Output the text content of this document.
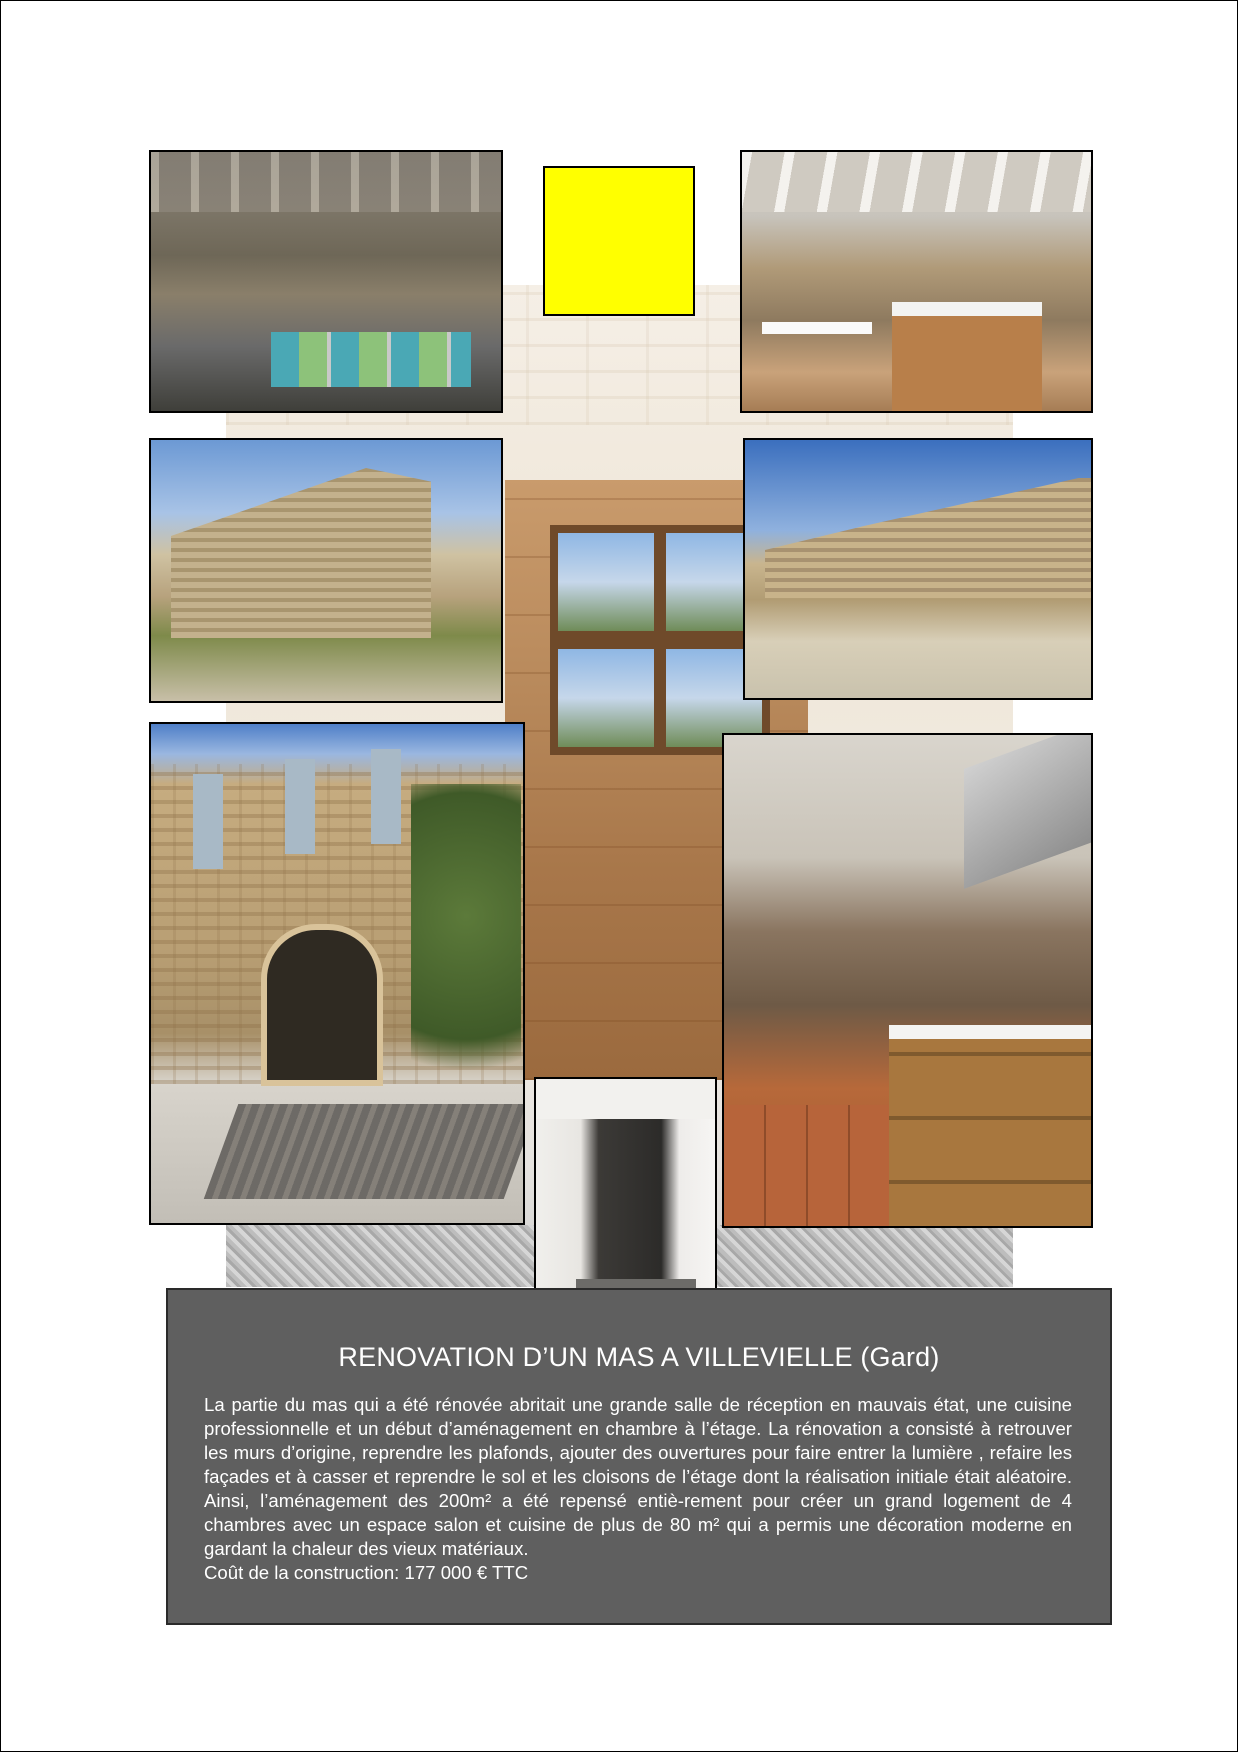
RENOVATION D’UN MAS A VILLEVIELLE (Gard)
La partie du mas qui a été rénovée abritait une grande salle de réception en mauvais état, une cuisine professionnelle et un début d’aménagement en chambre à l’étage. La rénovation a consisté à retrouver les murs d’origine, reprendre les plafonds, ajouter des ouvertures pour faire entrer la lumière , refaire les façades et à casser et reprendre le sol et les cloisons de l’étage dont la réalisation initiale était aléatoire. Ainsi, l’aménagement des 200m² a été repensé entiè-rement pour créer un grand logement de 4 chambres avec un espace salon et cuisine de plus de 80 m² qui a permis une décoration moderne en gardant la chaleur des vieux matériaux.
Coût de la construction: 177 000 € TTC
